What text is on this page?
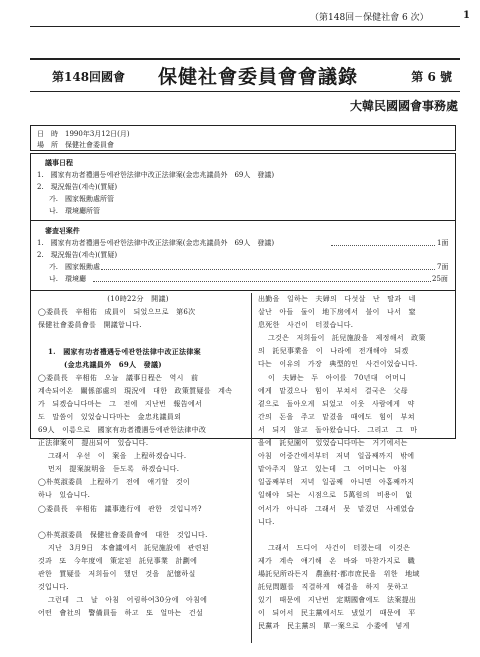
（第148回－保健社會 6 次）	1
第148回國會 保健社會委員會會議錄	第 6 號
大韓民國國會事務處
日　時　1990年3月12日(月)
場　所　保健社會委員會
議事日程
1.　國家有功者禮遇등에관한法律中改正法律案(金忠兆議員外　69人　發議)
2.　現況報告(계속)(質疑)
가.　國家報勳處所管
나.　環境廳所管
審査된案件
1.　國家有功者禮遇등에관한法律中改正法律案(金忠兆議員外　69人　發議)	1面
2.　現況報告(계속)(質疑)
가.　國家報勳處	7面
나.　環境廳	25面

(10時22分　開議)

◯委員長　辛相佑　成員이　되었으므로　第6次

保健社會委員會를　開議합니다.

1.　國家有功者禮遇등에관한法律中改正法律案

(金忠兆議員外　69人　發議)

◯委員長　辛相佑　오늘　議事日程은　역시　前

계속되어온　關係部處의　現況에　대한　政策質疑를　계속

가　되겠습니다마는　그　전에　지난번　報告에서

도　말씀이　있었습니다마는　金忠兆議員외

69人　이름으로　國家有功者禮遇등에관한法律中改

正法律案이　提出되어　있습니다.

그래서　우선　이　案을　上程하겠습니다.

먼저　提案說明을　듣도록　하겠습니다.

◯朴英淑委員　上程하기　전에　얘기할　것이

하나　있습니다.

◯委員長　辛相佑　議事進行에　관한　것입니까?

◯朴英淑委員　保健社會委員會에　대한　것입니다.

지난　3月9日　本會議에서　託兒施設에　관련된

것과　또　今年度에　策定된　託兒事業　計劃에

관한　質疑를　저희들이　했던　것을　記憶하실

것입니다.

그런데　그　날　아침　어림하여30分에　아침에

어떤　會社의　警備員들　하고　또　얼마는　건설

出勤을　일하는　夫婦의　다섯살　난　딸과　네

살난　아들　둘이　地下房에서　불이　나서　窒

息死한　사건이　터졌습니다.

그것은　저희들이　託兒施設을　제정해서　政策

의　託兒事業을　이　나라에　전개해야　되겠

다는　이유의　가장　典型的인　사건이었습니다.

이　夫婦는　두　아이를　70년대　어머니

에게　맡겼으나　힘이　부쳐서　결국은　父母

곁으로　돌아오게　되었고　이웃　사람에게　약

간의　돈을　주고　맡겼을　때에도　힘이　부쳐

서　되지　않고　돌아왔습니다.　그리고　그　마

을에　託兒園이　있었습니다마는　거기에서는

아침　어중간에서부터　저녁　일곱째까지　밖에

맡아주지　않고　있는데　그　어머니는　아침

일곱째부터　저녁　일곱째　아니면　아홉째까지

일해야　되는　시점으로　5萬원의　비용이　없

어서가　아니라　그래서　못　맡겼던　사례였습

니다.

그래서　드디어　사건이　터졌는데　이것은

제가　계속　얘기해　온　바와　마찬가지로　職

場託兒所라든지　農漁村·都市庶民을　위한　地域

託兒問題를　직결하게　해결을　하지　못하고

있기　때문에　지난번　定期國會에도　法案提出

이　되어서　民主黨에서도　냈었기　때문에　平

民黨과　民主黨의　單一案으로　小委에　넣게
